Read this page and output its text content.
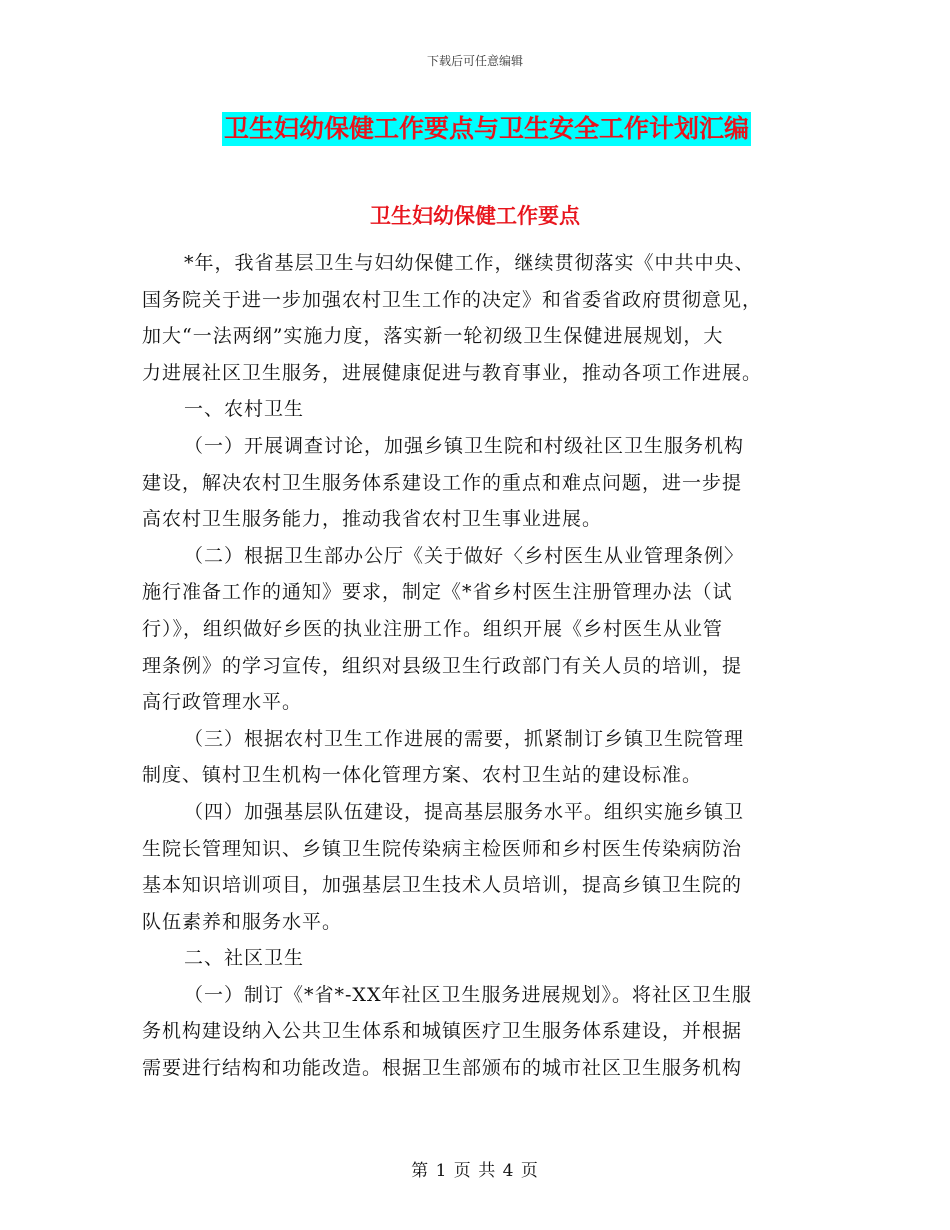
下载后可任意编辑
卫生妇幼保健工作要点与卫生安全工作计划汇编
卫生妇幼保健工作要点
*年，我省基层卫生与妇幼保健工作，继续贯彻落实《中共中央、
国务院关于进一步加强农村卫生工作的决定》和省委省政府贯彻意见，
加大“一法两纲”实施力度，落实新一轮初级卫生保健进展规划，大
力进展社区卫生服务，进展健康促进与教育事业，推动各项工作进展。
一、农村卫生
（一）开展调查讨论，加强乡镇卫生院和村级社区卫生服务机构
建设，解决农村卫生服务体系建设工作的重点和难点问题，进一步提
高农村卫生服务能力，推动我省农村卫生事业进展。
（二）根据卫生部办公厅《关于做好〈乡村医生从业管理条例〉
施行准备工作的通知》要求，制定《*省乡村医生注册管理办法（试
行）》，组织做好乡医的执业注册工作。组织开展《乡村医生从业管
理条例》的学习宣传，组织对县级卫生行政部门有关人员的培训，提
高行政管理水平。
（三）根据农村卫生工作进展的需要，抓紧制订乡镇卫生院管理
制度、镇村卫生机构一体化管理方案、农村卫生站的建设标准。
（四）加强基层队伍建设，提高基层服务水平。组织实施乡镇卫
生院长管理知识、乡镇卫生院传染病主检医师和乡村医生传染病防治
基本知识培训项目，加强基层卫生技术人员培训，提高乡镇卫生院的
队伍素养和服务水平。
二、社区卫生
（一）制订《*省*-XX年社区卫生服务进展规划》。将社区卫生服
务机构建设纳入公共卫生体系和城镇医疗卫生服务体系建设，并根据
需要进行结构和功能改造。根据卫生部颁布的城市社区卫生服务机构
第 1 页 共 4 页
